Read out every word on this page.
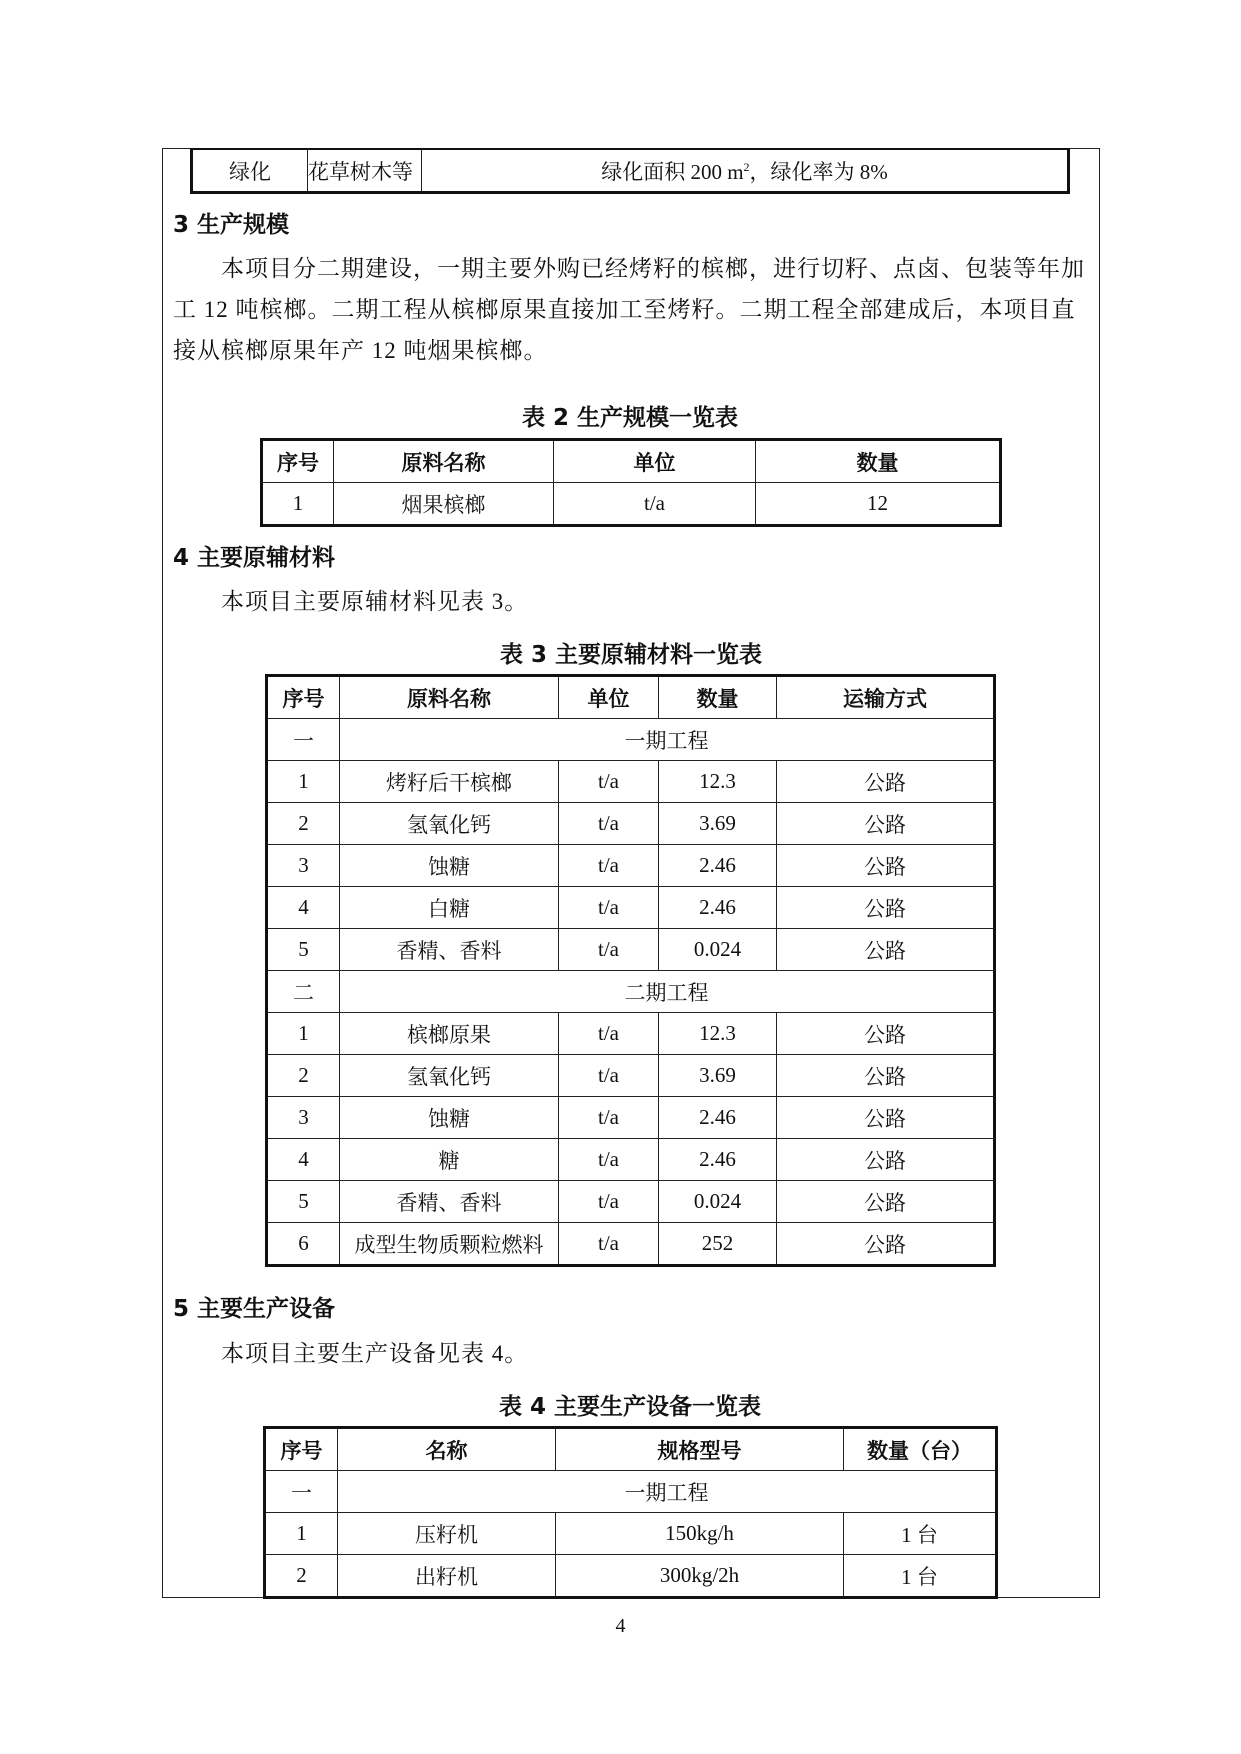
绿化	花草树木等	绿化面积 200 $m^2$，绿化率为 8%
3 生产规模
本项目分二期建设，一期主要外购已经烤籽的槟榔，进行切籽、点卤、包装等年加工 12 吨槟榔。二期工程从槟榔原果直接加工至烤籽。二期工程全部建成后，本项目直接从槟榔原果年产 12 吨烟果槟榔。
表 2 生产规模一览表
序号	原料名称	单位	数量
1	烟果槟榔	t/a	12
4 主要原辅材料
本项目主要原辅材料见表 3。
表 3 主要原辅材料一览表
序号	原料名称	单位	数量	运输方式
一	一期工程			
1	烤籽后干槟榔	t/a	12.3	公路
2	氢氧化钙	t/a	3.69	公路
3	蚀糖	t/a	2.46	公路
4	白糖	t/a	2.46	公路
5	香精、香料	t/a	0.024	公路
二	二期工程			
1	槟榔原果	t/a	12.3	公路
2	氢氧化钙	t/a	3.69	公路
3	蚀糖	t/a	2.46	公路
4	糖	t/a	2.46	公路
5	香精、香料	t/a	0.024	公路
6	成型生物质颗粒燃料	t/a	252	公路
5 主要生产设备
本项目主要生产设备见表 4。
表 4 主要生产设备一览表
序号	名称	规格型号	数量（台）
一	一期工程		
1	压籽机	150kg/h	1 台
2	出籽机	300kg/2h	1 台
4
